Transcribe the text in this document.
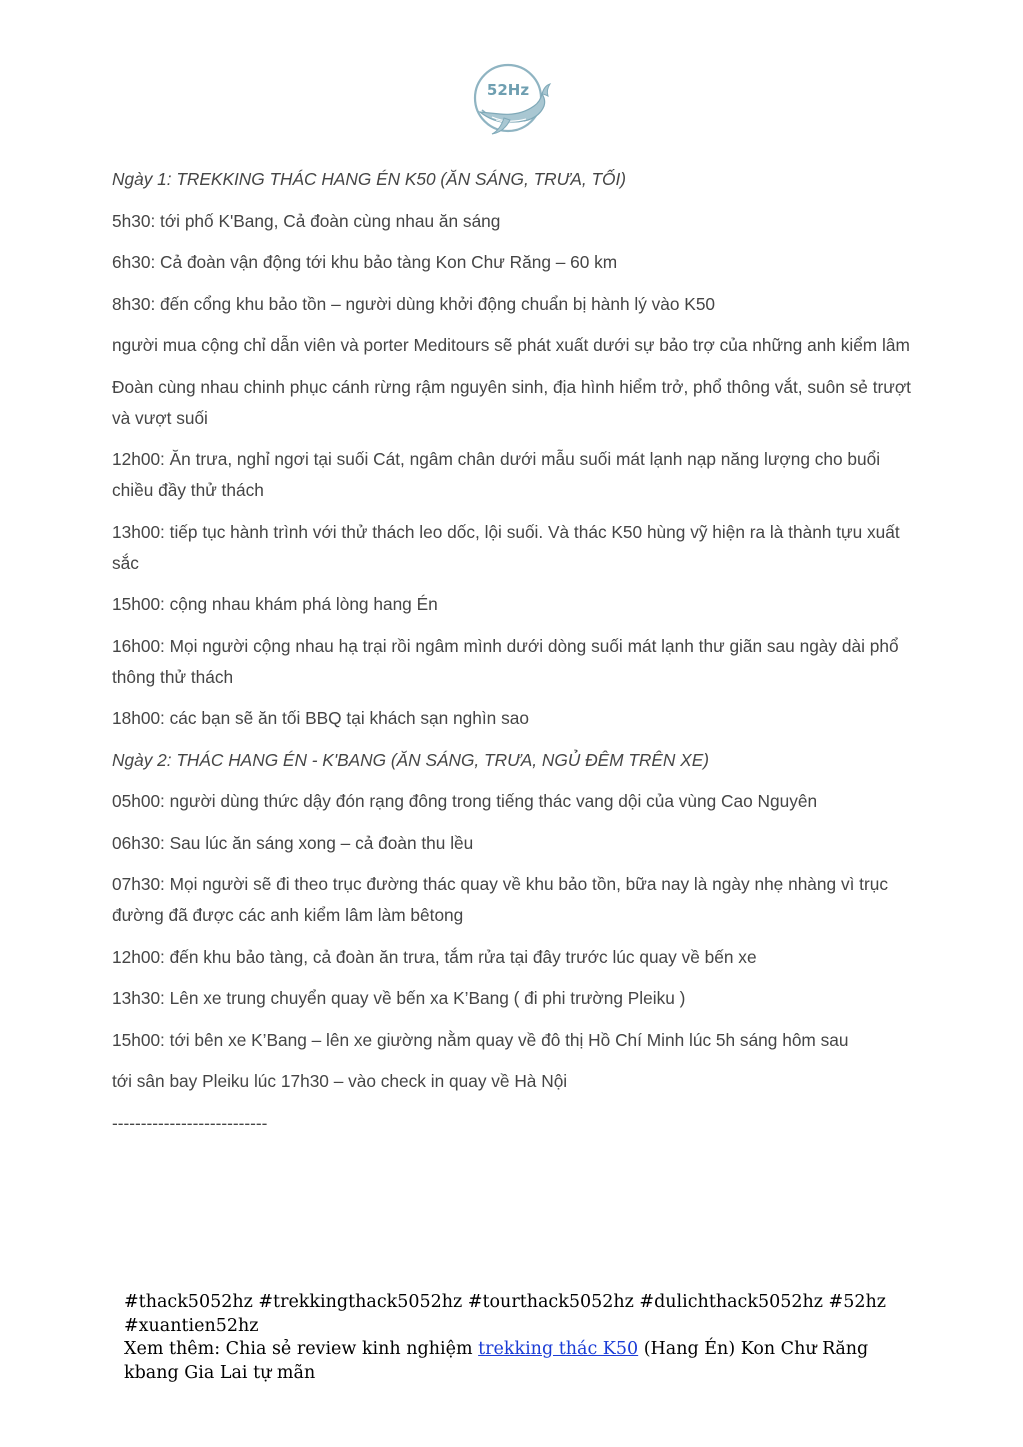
52Hz

Ngày 1: TREKKING THÁC HANG ÉN K50 (ĂN SÁNG, TRƯA, TỐI)

5h30: tới phố K'Bang, Cả đoàn cùng nhau ăn sáng

6h30: Cả đoàn vận động tới khu bảo tàng Kon Chư Răng – 60 km

8h30: đến cổng khu bảo tồn – người dùng khởi động chuẩn bị hành lý vào K50

người mua cộng chỉ dẫn viên và porter Meditours sẽ phát xuất dưới sự bảo trợ của những anh kiểm lâm

Đoàn cùng nhau chinh phục cánh rừng rậm nguyên sinh, địa hình hiểm trở, phổ thông vắt, suôn sẻ trượt và vượt suối

12h00: Ăn trưa, nghỉ ngơi tại suối Cát, ngâm chân dưới mẫu suối mát lạnh nạp năng lượng cho buổi chiều đầy thử thách

13h00: tiếp tục hành trình với thử thách leo dốc, lội suối. Và thác K50 hùng vỹ hiện ra là thành tựu xuất sắc

15h00: cộng nhau khám phá lòng hang Én

16h00: Mọi người cộng nhau hạ trại rồi ngâm mình dưới dòng suối mát lạnh thư giãn sau ngày dài phổ thông thử thách

18h00: các bạn sẽ ăn tối BBQ tại khách sạn nghìn sao

Ngày 2: THÁC HANG ÉN - K'BANG (ĂN SÁNG, TRƯA, NGỦ ĐÊM TRÊN XE)

05h00: người dùng thức dậy đón rạng đông trong tiếng thác vang dội của vùng Cao Nguyên

06h30: Sau lúc ăn sáng xong – cả đoàn thu lều

07h30: Mọi người sẽ đi theo trục đường thác quay về khu bảo tồn, bữa nay là ngày nhẹ nhàng vì trục đường đã được các anh kiểm lâm làm bêtong

12h00: đến khu bảo tàng, cả đoàn ăn trưa, tắm rửa tại đây trước lúc quay về bến xe

13h30: Lên xe trung chuyển quay về bến xa K’Bang ( đi phi trường Pleiku )

15h00: tới bên xe K’Bang – lên xe giường nằm quay về đô thị Hồ Chí Minh lúc 5h sáng hôm sau

tới sân bay Pleiku lúc 17h30 – vào check in quay về Hà Nội

---------------------------

#thack5052hz #trekkingthack5052hz #tourthack5052hz #dulichthack5052hz #52hz #xuantien52hz

Xem thêm: Chia sẻ review kinh nghiệm trekking thác K50 (Hang Én) Kon Chư Răng kbang Gia Lai tự mãn
